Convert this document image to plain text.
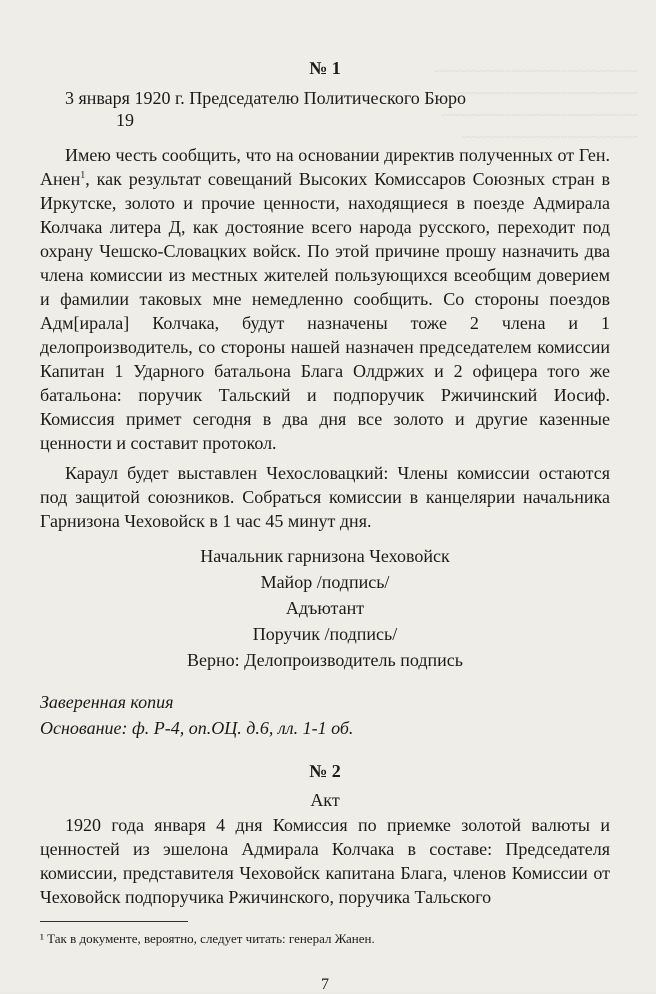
~~~~~~~~~~~~~~~~~~~~~~~~~~~~~
~~~~~~~~~~~~~~~~~~~~~~~~~~
~~~~~~~~~~~~~~~~~~~~~~~~~~~~
~~~~~~~~~~~~~~~~~~~~~~~~~
№ 1
3 января 1920 г. Председателю Политического Бюро
19

Имею честь сообщить, что на основании директив полученных от Ген. Анен$^1$, как результат совещаний Высоких Комиссаров Союзных стран в Иркутске, золото и прочие ценности, находящиеся в поезде Адмирала Колчака литера Д, как достояние всего народа русского, переходит под охрану Чешско-Словацких войск. По этой причине прошу назначить два члена комиссии из местных жителей пользующихся всеобщим доверием и фамилии таковых мне немедленно сообщить. Со стороны поездов Адм[ирала] Колчака, будут назначены тоже 2 члена и 1 делопроизводитель, со стороны нашей назначен председателем комиссии Капитан 1 Ударного батальона Блага Олдржих и 2 офицера того же батальона: поручик Тальский и подпоручик Ржичинский Иосиф. Комиссия примет сегодня в два дня все золото и другие казенные ценности и составит протокол.

Караул будет выставлен Чехословацкий: Члены комиссии остаются под защитой союзников. Собраться комиссии в канцелярии начальника Гарнизона Чеховойск в 1 час 45 минут дня.

Начальник гарнизона Чеховойск
Майор /подпись/
Адъютант
Поручик /подпись/
Верно: Делопроизводитель подпись
Заверенная копия
Основание: ф. Р-4, оп.ОЦ. д.6, лл. 1-1 об.
№ 2
Акт

1920 года января 4 дня Комиссия по приемке золотой валюты и ценностей из эшелона Адмирала Колчака в составе: Председателя комиссии, представителя Чеховойск капитана Блага, членов Комиссии от Чеховойск подпоручика Ржичинского, поручика Тальского

¹ Так в документе, вероятно, следует читать: генерал Жанен.
7
